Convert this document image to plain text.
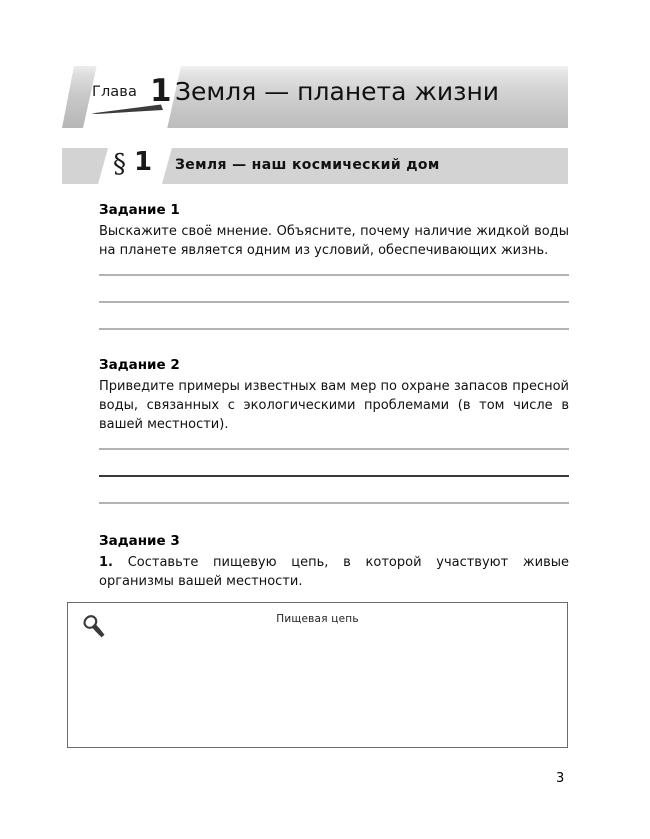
Глава 1 Земля — планета жизни
§ 1 Земля — наш космический дом

Задание 1

Выскажите своё мнение. Объясните, почему наличие жидкой воды на планете является одним из условий, обеспечивающих жизнь.

Задание 2

Приведите примеры известных вам мер по охране запасов пресной воды, связанных с экологическими проблемами (в том числе в вашей местности).

Задание 3

1. Составьте пищевую цепь, в которой участвуют живые организмы вашей местности.

Пищевая цепь
3
